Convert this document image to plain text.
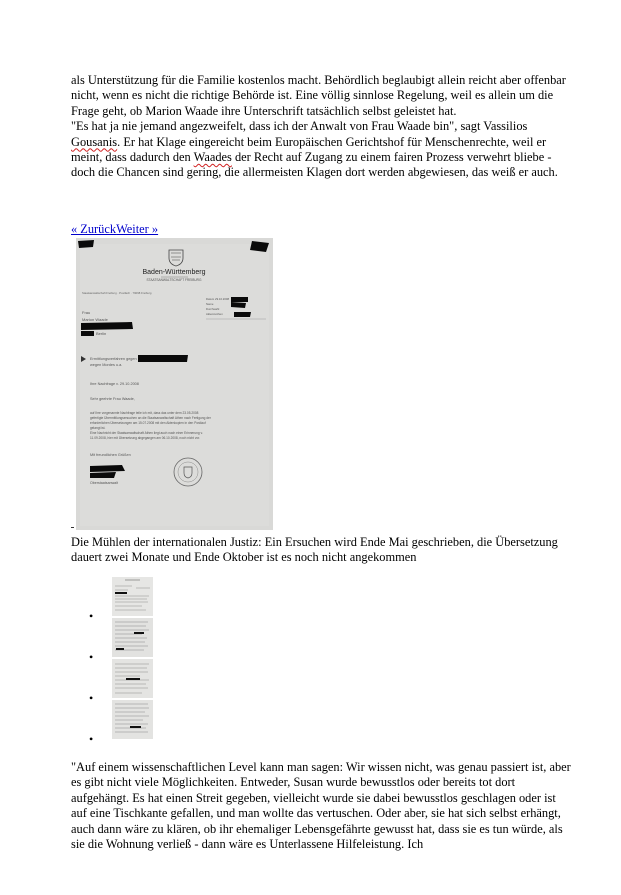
als Unterstützung für die Familie kostenlos macht. Behördlich beglaubigt allein reicht aber offenbar nicht, wenn es nicht die richtige Behörde ist. Eine völlig sinnlose Regelung, weil es allein um die Frage geht, ob Marion Waade ihre Unterschrift tatsächlich selbst geleistet hat.
"Es hat ja nie jemand angezweifelt, dass ich der Anwalt von Frau Waade bin", sagt Vassilios Gousanis. Er hat Klage eingereicht beim Europäischen Gerichtshof für Menschenrechte, weil er meint, dass dadurch den Waades der Recht auf Zugang zu einem fairen Prozess verwehrt bliebe - doch die Chancen sind gering, die allermeisten Klagen dort werden abgewiesen, das weiß er auch.
« ZurückWeiter »
Baden-Württemberg
STAATSANWALTSCHAFT FREIBURG
Staatsanwaltschaft Freiburg · Postfach · 79098 Freiburg
Frau
Marion Waade
Berlin
Datum 29.10.2008
Name
Durchwahl
Aktenzeichen
Ermittlungsverfahren gegen
wegen Mordes u.a.
Ihre Nachfrage v. 29.10.2008
Sehr geehrte Frau Waade,
auf Ihre vorgenannte Nachfrage teile ich mit, dass das unter dem 23.05.2008
gefertigte Übermittlungsersuchen an die Staatsanwaltschaft Athen nach Fertigung der
erforderlichen Übersetzungen am 15.07.2008 mit den Aktenkopien in den Postlauf
gelangt ist.
Eine Nachricht der Staatsanwaltschaft Athen liegt auch nach einer Erinnerung v.
11.09.2008, hier mit Übersetzung abgegangen am 06.10.2008, noch nicht vor.
Mit freundlichen Grüßen
Oberstaatsanwalt
Die Mühlen der internationalen Justiz: Ein Ersuchen wird Ende Mai geschrieben, die Übersetzung dauert zwei Monate und Ende Oktober ist es noch nicht angekommen
•
•
•
•
"Auf einem wissenschaftlichen Level kann man sagen: Wir wissen nicht, was genau passiert ist, aber es gibt nicht viele Möglichkeiten. Entweder, Susan wurde bewusstlos oder bereits tot dort aufgehängt. Es hat einen Streit gegeben, vielleicht wurde sie dabei bewusstlos geschlagen oder ist auf eine Tischkante gefallen, und man wollte das vertuschen. Oder aber, sie hat sich selbst erhängt, auch dann wäre zu klären, ob ihr ehemaliger Lebensgefährte gewusst hat, dass sie es tun würde, als sie die Wohnung verließ - dann wäre es Unterlassene Hilfeleistung. Ich
